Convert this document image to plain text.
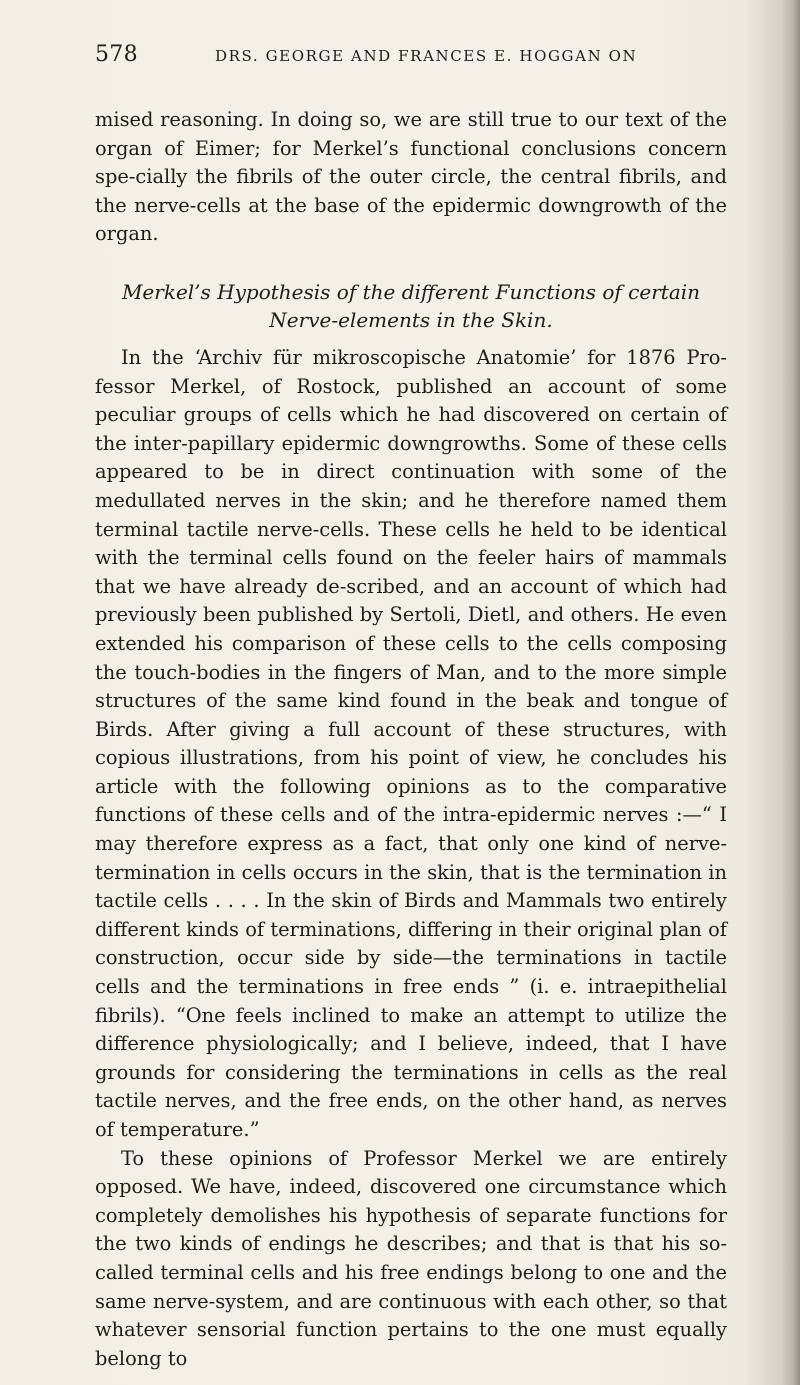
578	DRS. GEORGE AND FRANCES E. HOGGAN ON

mised reasoning. In doing so, we are still true to our text of the organ of Eimer; for Merkel’s functional conclusions concern spe-cially the fibrils of the outer circle, the central fibrils, and the nerve-cells at the base of the epidermic downgrowth of the organ.

Merkel’s Hypothesis of the different Functions of certain Nerve-elements in the Skin.

In the ‘Archiv für mikroscopische Anatomie’ for 1876 Pro-fessor Merkel, of Rostock, published an account of some peculiar groups of cells which he had discovered on certain of the inter-papillary epidermic downgrowths. Some of these cells appeared to be in direct continuation with some of the medullated nerves in the skin; and he therefore named them terminal tactile nerve-cells. These cells he held to be identical with the terminal cells found on the feeler hairs of mammals that we have already de-scribed, and an account of which had previously been published by Sertoli, Dietl, and others. He even extended his comparison of these cells to the cells composing the touch-bodies in the fingers of Man, and to the more simple structures of the same kind found in the beak and tongue of Birds. After giving a full account of these structures, with copious illustrations, from his point of view, he concludes his article with the following opinions as to the comparative functions of these cells and of the intra-epidermic nerves :—“ I may therefore express as a fact, that only one kind of nerve-termination in cells occurs in the skin, that is the termination in tactile cells . . . . In the skin of Birds and Mammals two entirely different kinds of terminations, differing in their original plan of construction, occur side by side—the terminations in tactile cells and the terminations in free ends ” (i. e. intraepithelial fibrils). “One feels inclined to make an attempt to utilize the difference physiologically; and I believe, indeed, that I have grounds for considering the terminations in cells as the real tactile nerves, and the free ends, on the other hand, as nerves of temperature.”

To these opinions of Professor Merkel we are entirely opposed. We have, indeed, discovered one circumstance which completely demolishes his hypothesis of separate functions for the two kinds of endings he describes; and that is that his so-called terminal cells and his free endings belong to one and the same nerve-system, and are continuous with each other, so that whatever sensorial function pertains to the one must equally belong to
